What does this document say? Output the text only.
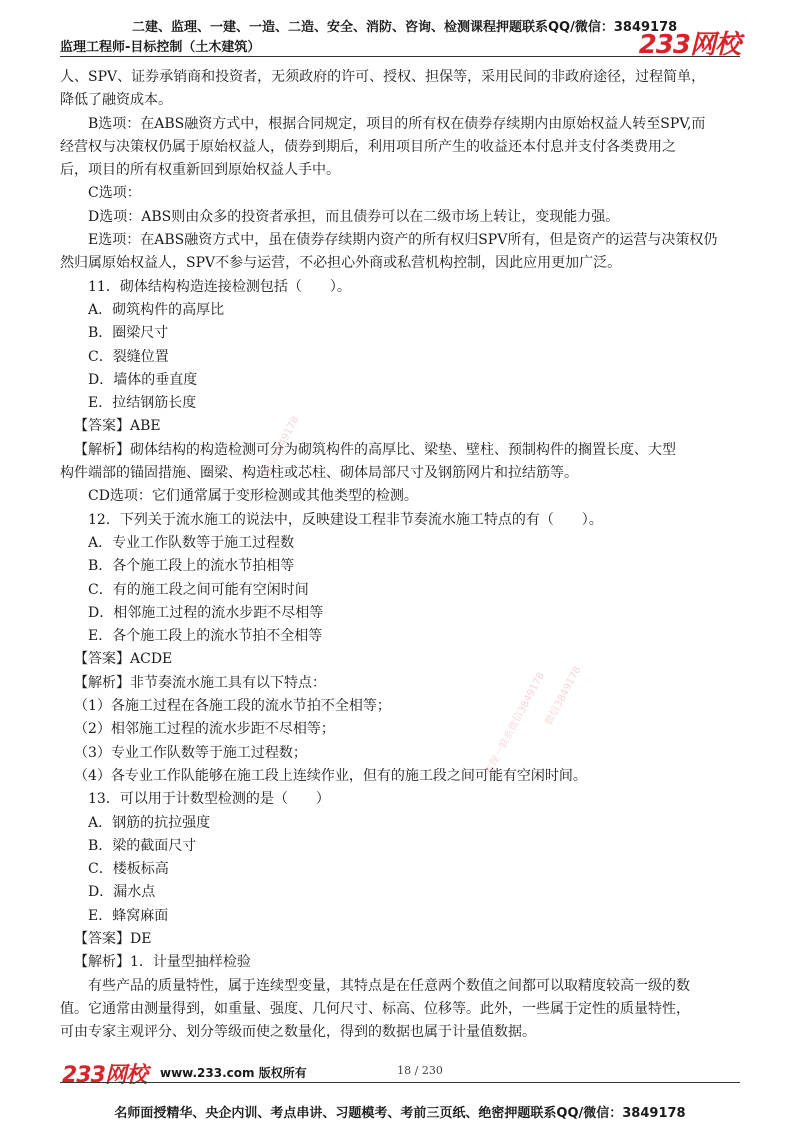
二建、监理、一建、一造、二造、安全、消防、咨询、检测课程押题联系QQ/微信：3849178
监理工程师-目标控制（土木建筑）	233网校
人、SPV、证券承销商和投资者，无须政府的许可、授权、担保等，采用民间的非政府途径，过程简单，
降低了融资成本。
B选项：在ABS融资方式中，根据合同规定，项目的所有权在债券存续期内由原始权益人转至SPV,而
经营权与决策权仍属于原始权益人，债券到期后，利用项目所产生的收益还本付息并支付各类费用之
后，项目的所有权重新回到原始权益人手中。
C选项：
D选项：ABS则由众多的投资者承担，而且债券可以在二级市场上转让，变现能力强。
E选项：在ABS融资方式中，虽在债券存续期内资产的所有权归SPV所有，但是资产的运营与决策权仍
然归属原始权益人，SPV不参与运营，不必担心外商或私营机构控制，因此应用更加广泛。
11．砌体结构构造连接检测包括（　　）。
A．砌筑构件的高厚比
B．圈梁尺寸
C．裂缝位置
D．墙体的垂直度
E．拉结钢筋长度
【答案】ABE
【解析】砌体结构的构造检测可分为砌筑构件的高厚比、梁垫、壁柱、预制构件的搁置长度、大型
构件端部的锚固措施、圈梁、构造柱或芯柱、砌体局部尺寸及钢筋网片和拉结筋等。
CD选项：它们通常属于变形检测或其他类型的检测。
12．下列关于流水施工的说法中，反映建设工程非节奏流水施工特点的有（　　）。
A．专业工作队数等于施工过程数
B．各个施工段上的流水节拍相等
C．有的施工段之间可能有空闲时间
D．相邻施工过程的流水步距不尽相等
E．各个施工段上的流水节拍不全相等
【答案】ACDE
【解析】非节奏流水施工具有以下特点：
（1）各施工过程在各施工段的流水节拍不全相等；
（2）相邻施工过程的流水步距不尽相等；
（3）专业工作队数等于施工过程数；
（4）各专业工作队能够在施工段上连续作业，但有的施工段之间可能有空闲时间。
13．可以用于计数型检测的是（　　）
A．钢筋的抗拉强度
B．梁的截面尺寸
C．楼板标高
D．漏水点
E．蜂窝麻面
【答案】DE
【解析】1．计量型抽样检验
有些产品的质量特性，属于连续型变量，其特点是在任意两个数值之间都可以取精度较高一级的数
值。它通常由测量得到，如重量、强度、几何尺寸、标高、位移等。此外，一些属于定性的质量特性，
可由专家主观评分、划分等级而使之数量化，得到的数据也属于计量值数据。
微信3849178
微信3849178
监理一联系微信3849178
233网校 www.233.com 版权所有	18 / 230
名师面授精华、央企内训、考点串讲、习题模考、考前三页纸、绝密押题联系QQ/微信：3849178
